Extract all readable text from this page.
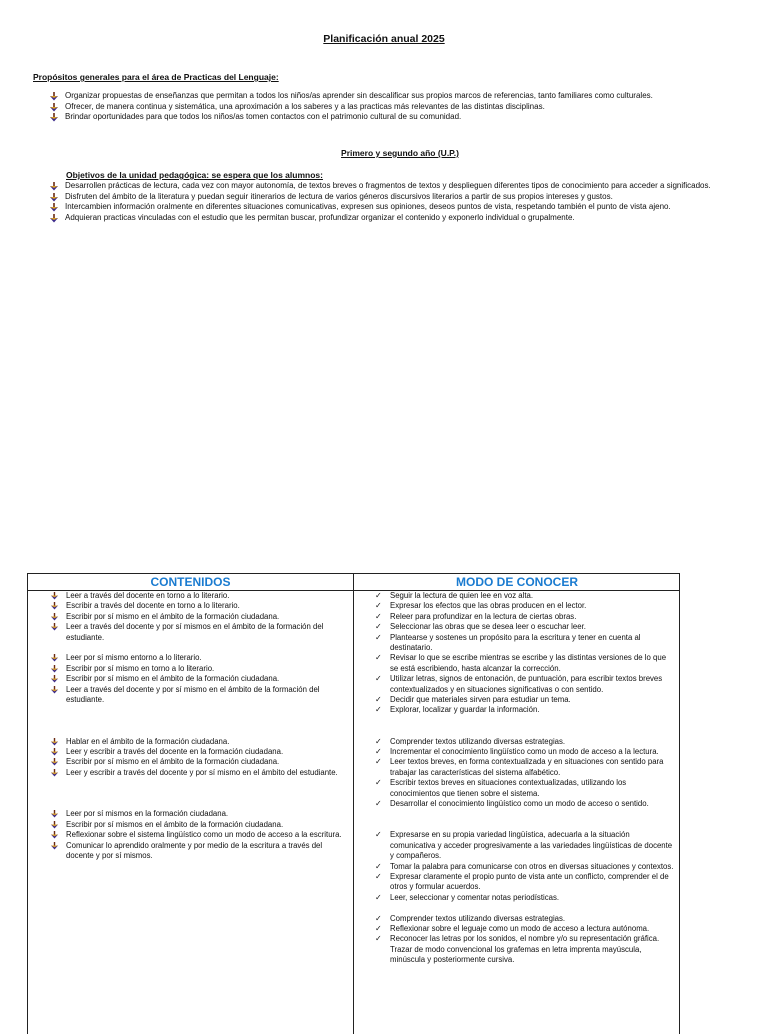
Planificación anual 2025
Propósitos generales para el área de Practicas del Lenguaje:
Organizar propuestas de enseñanzas que permitan a todos los niños/as aprender sin descalificar sus propios marcos de referencias, tanto familiares como culturales.
Ofrecer, de manera continua y sistemática, una aproximación a los saberes y a las practicas más relevantes de las distintas disciplinas.
Brindar oportunidades para que todos los niños/as tomen contactos con el patrimonio cultural de su comunidad.
Primero y segundo año (U.P.)
Objetivos de la unidad pedagógica: se espera que los alumnos:
Desarrollen prácticas de lectura, cada vez con mayor autonomía, de textos breves o fragmentos de textos y desplieguen diferentes tipos de conocimiento para acceder a significados.
Disfruten del ámbito de la literatura y puedan seguir itinerarios de lectura de varios géneros discursivos literarios a partir de sus propios intereses y gustos.
Intercambien información oralmente en diferentes situaciones comunicativas, expresen sus opiniones, deseos puntos de vista, respetando también el punto de vista ajeno.
Adquieran practicas vinculadas con el estudio que les permitan buscar, profundizar organizar el contenido y exponerlo individual o grupalmente.
CONTENIDOS	MODO DE CONOCER
Leer a través del docente en torno a lo literario.
Escribir a través del docente en torno a lo literario.
Escribir por sí mismo en el ámbito de la formación ciudadana.
Leer a través del docente y por sí mismos en el ámbito de la formación del estudiante.
Leer por sí mismo entorno a lo literario.
Escribir por sí mismo en torno a lo literario.
Escribir por sí mismo en el ámbito de la formación ciudadana.
Leer a través del docente y por sí mismo en el ámbito de la formación del estudiante.
Hablar en el ámbito de la formación ciudadana.
Leer y escribir a través del docente en la formación ciudadana.
Escribir por sí mismo en el ámbito de la formación ciudadana.
Leer y escribir a través del docente y por sí mismo en el ámbito del estudiante.
Leer por sí mismos en la formación ciudadana.
Escribir por sí mismos en el ámbito de la formación ciudadana.
Reflexionar sobre el sistema lingüístico como un modo de acceso a la escritura.
Comunicar lo aprendido oralmente y por medio de la escritura a través del docente y por sí mismos.
✓ Seguir la lectura de quien lee en voz alta.
✓ Expresar los efectos que las obras producen en el lector.
✓ Releer para profundizar en la lectura de ciertas obras.
✓ Seleccionar las obras que se desea leer o escuchar leer.
✓ Plantearse y sostenes un propósito para la escritura y tener en cuenta al destinatario.
✓ Revisar lo que se escribe mientras se escribe y las distintas versiones de lo que se está escribiendo, hasta alcanzar la corrección.
✓ Utilizar letras, signos de entonación, de puntuación, para escribir textos breves contextualizados y en situaciones significativas o con sentido.
✓ Decidir que materiales sirven para estudiar un tema.
✓ Explorar, localizar y guardar la información.
✓ Comprender textos utilizando diversas estrategias.
✓ Incrementar el conocimiento lingüístico como un modo de acceso a la lectura.
✓ Leer textos breves, en forma contextualizada y en situaciones con sentido para trabajar las características del sistema alfabético.
✓ Escribir textos breves en situaciones contextualizadas, utilizando los conocimientos que tienen sobre el sistema.
✓ Desarrollar el conocimiento lingüístico como un modo de acceso o sentido.
✓ Expresarse en su propia variedad lingüística, adecuarla a la situación comunicativa y acceder progresivamente a las variedades lingüísticas de docente y compañeros.
✓ Tomar la palabra para comunicarse con otros en diversas situaciones y contextos.
✓ Expresar claramente el propio punto de vista ante un conflicto, comprender el de otros y formular acuerdos.
✓ Leer, seleccionar y comentar notas periodísticas.
✓ Comprender textos utilizando diversas estrategias.
✓ Reflexionar sobre el leguaje como un modo de acceso a lectura autónoma.
✓ Reconocer las letras por los sonidos, el nombre y/o su representación gráfica. Trazar de modo convencional los grafemas en letra imprenta mayúscula, minúscula y posteriormente cursiva.
